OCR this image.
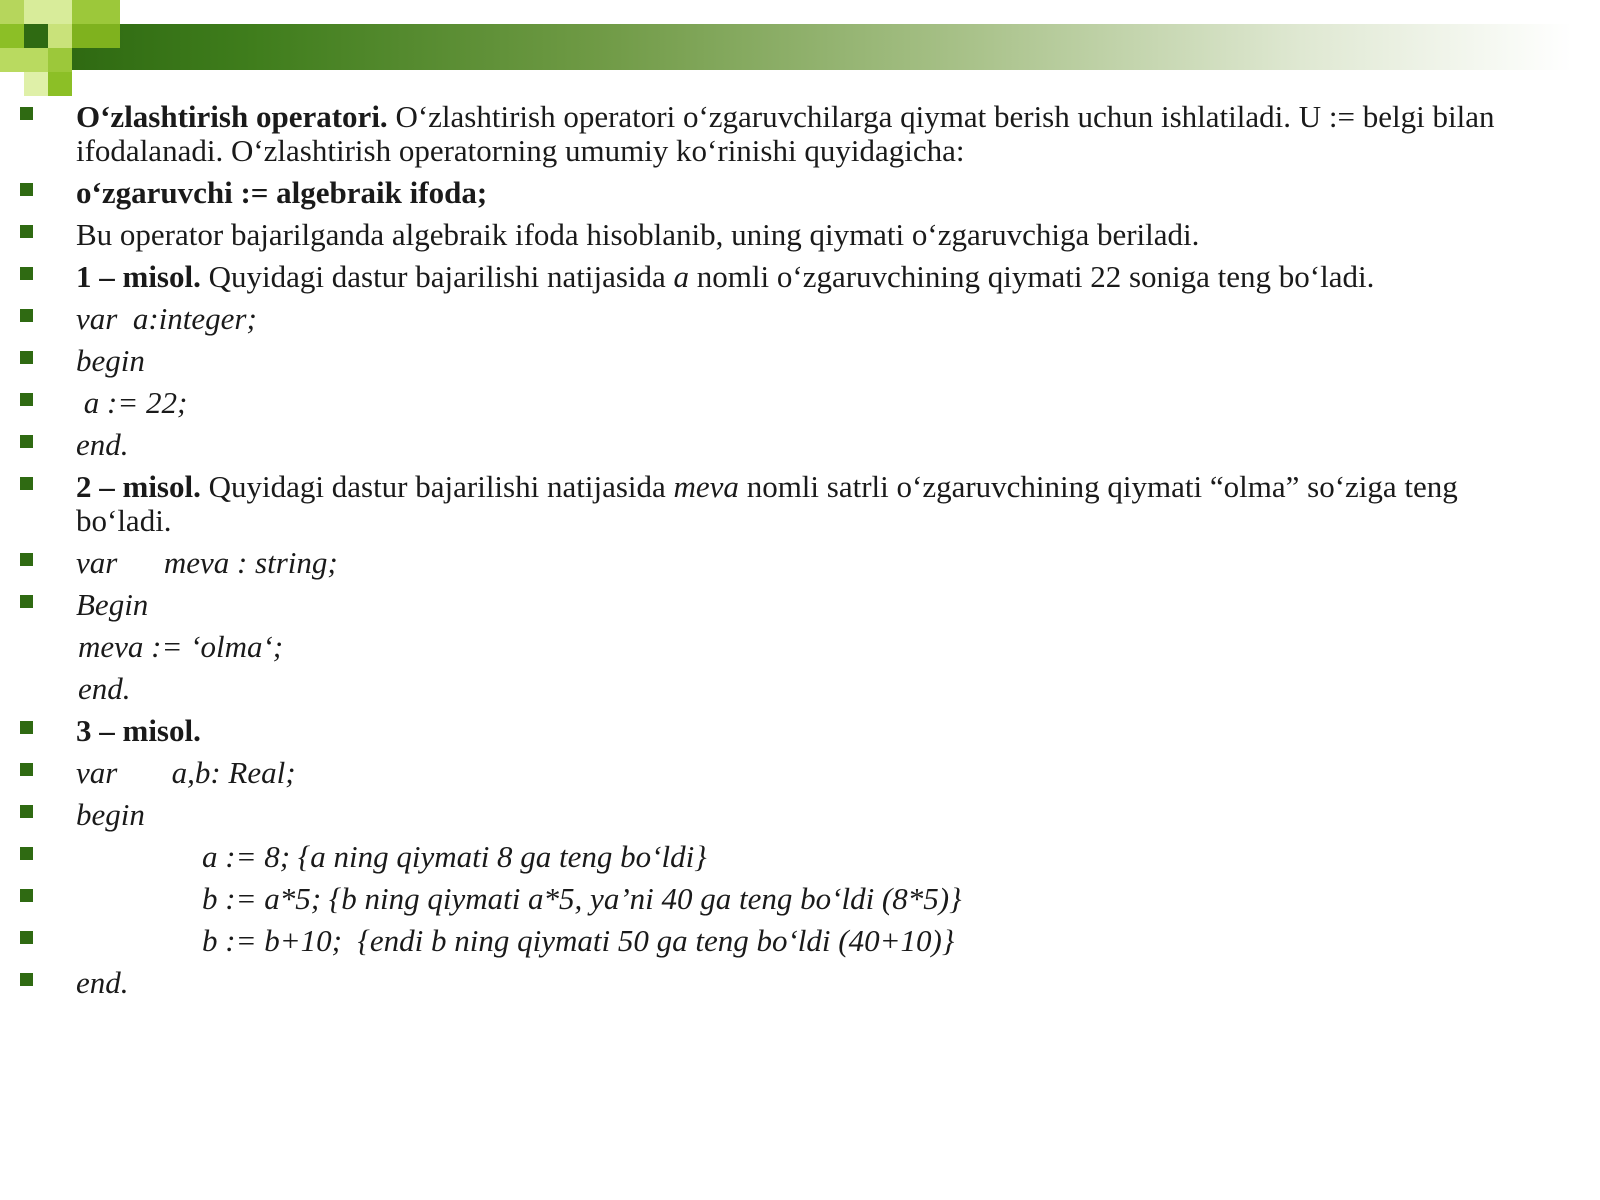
O‘zlashtirish operatori. O‘zlashtirish operatori o‘zgaruvchilarga qiymat berish uchun ishlatiladi. U := belgi bilan ifodalanadi. O‘zlashtirish operatorning umumiy ko‘rinishi quyidagicha:
o‘zgaruvchi := algebraik ifoda;
Bu operator bajarilganda algebraik ifoda hisoblanib, uning qiymati o‘zgaruvchiga beriladi.
1 – misol. Quyidagi dastur bajarilishi natijasida a nomli o‘zgaruvchining qiymati 22 soniga teng bo‘ladi.
var  a:integer;
begin
a := 22;
end.
2 – misol. Quyidagi dastur bajarilishi natijasida meva nomli satrli o‘zgaruvchining qiymati “olma” so‘ziga teng bo‘ladi.
var      meva : string;
Begin
meva := ‘olma‘;
end.
3 – misol.
var       a,b: Real;
begin
a := 8; {a ning qiymati 8 ga teng bo‘ldi}
b := a*5; {b ning qiymati a*5, ya’ni 40 ga teng bo‘ldi (8*5)}
b := b+10;  {endi b ning qiymati 50 ga teng bo‘ldi (40+10)}
end.
